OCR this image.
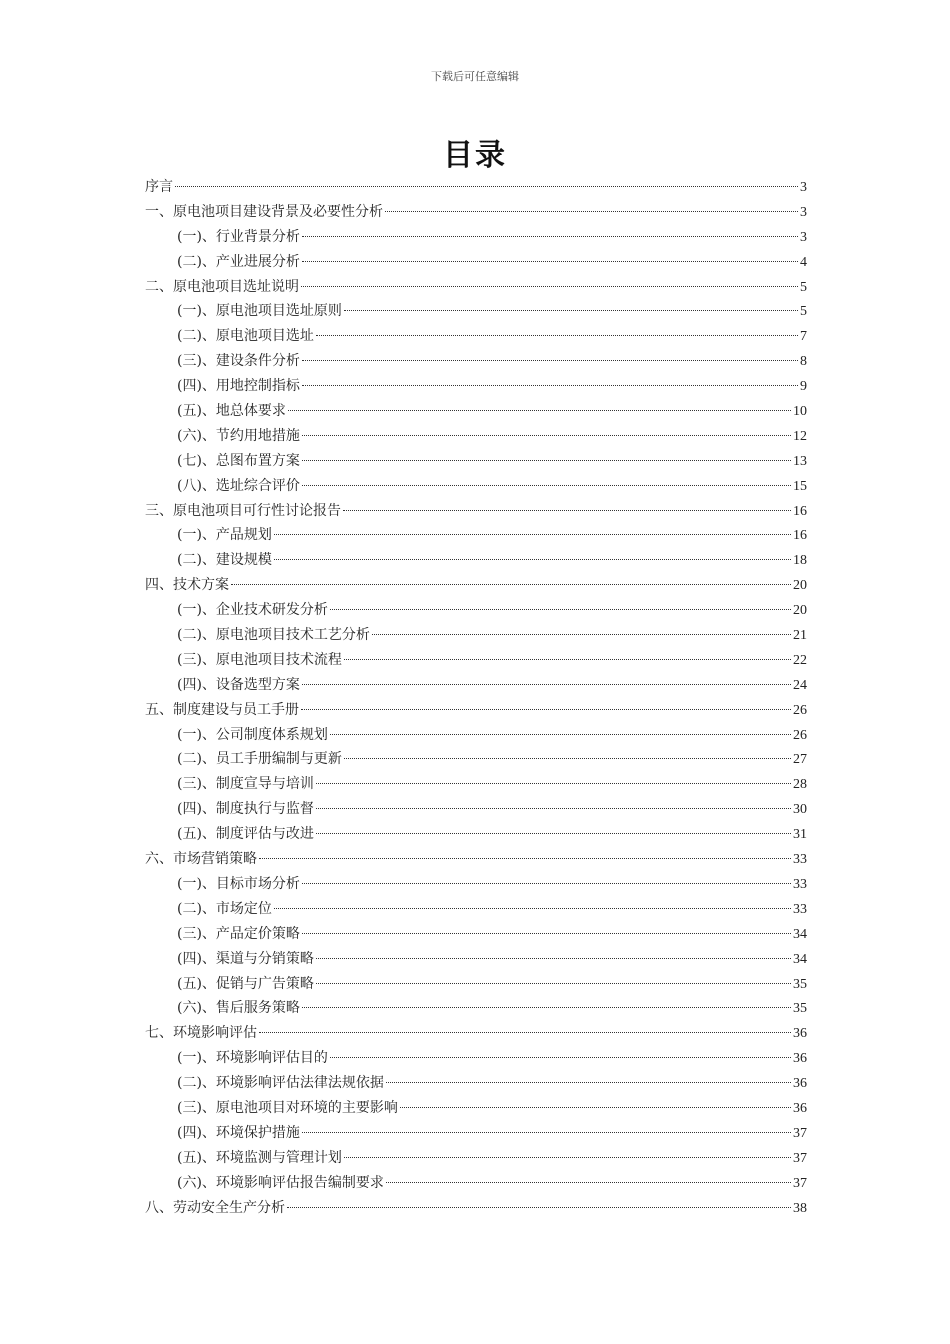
下载后可任意编辑
目录
序言	3
一、原电池项目建设背景及必要性分析	3
(一)、行业背景分析	3
(二)、产业进展分析	4
二、原电池项目选址说明	5
(一)、原电池项目选址原则	5
(二)、原电池项目选址	7
(三)、建设条件分析	8
(四)、用地控制指标	9
(五)、地总体要求	10
(六)、节约用地措施	12
(七)、总图布置方案	13
(八)、选址综合评价	15
三、原电池项目可行性讨论报告	16
(一)、产品规划	16
(二)、建设规模	18
四、技术方案	20
(一)、企业技术研发分析	20
(二)、原电池项目技术工艺分析	21
(三)、原电池项目技术流程	22
(四)、设备选型方案	24
五、制度建设与员工手册	26
(一)、公司制度体系规划	26
(二)、员工手册编制与更新	27
(三)、制度宣导与培训	28
(四)、制度执行与监督	30
(五)、制度评估与改进	31
六、市场营销策略	33
(一)、目标市场分析	33
(二)、市场定位	33
(三)、产品定价策略	34
(四)、渠道与分销策略	34
(五)、促销与广告策略	35
(六)、售后服务策略	35
七、环境影响评估	36
(一)、环境影响评估目的	36
(二)、环境影响评估法律法规依据	36
(三)、原电池项目对环境的主要影响	36
(四)、环境保护措施	37
(五)、环境监测与管理计划	37
(六)、环境影响评估报告编制要求	37
八、劳动安全生产分析	38
